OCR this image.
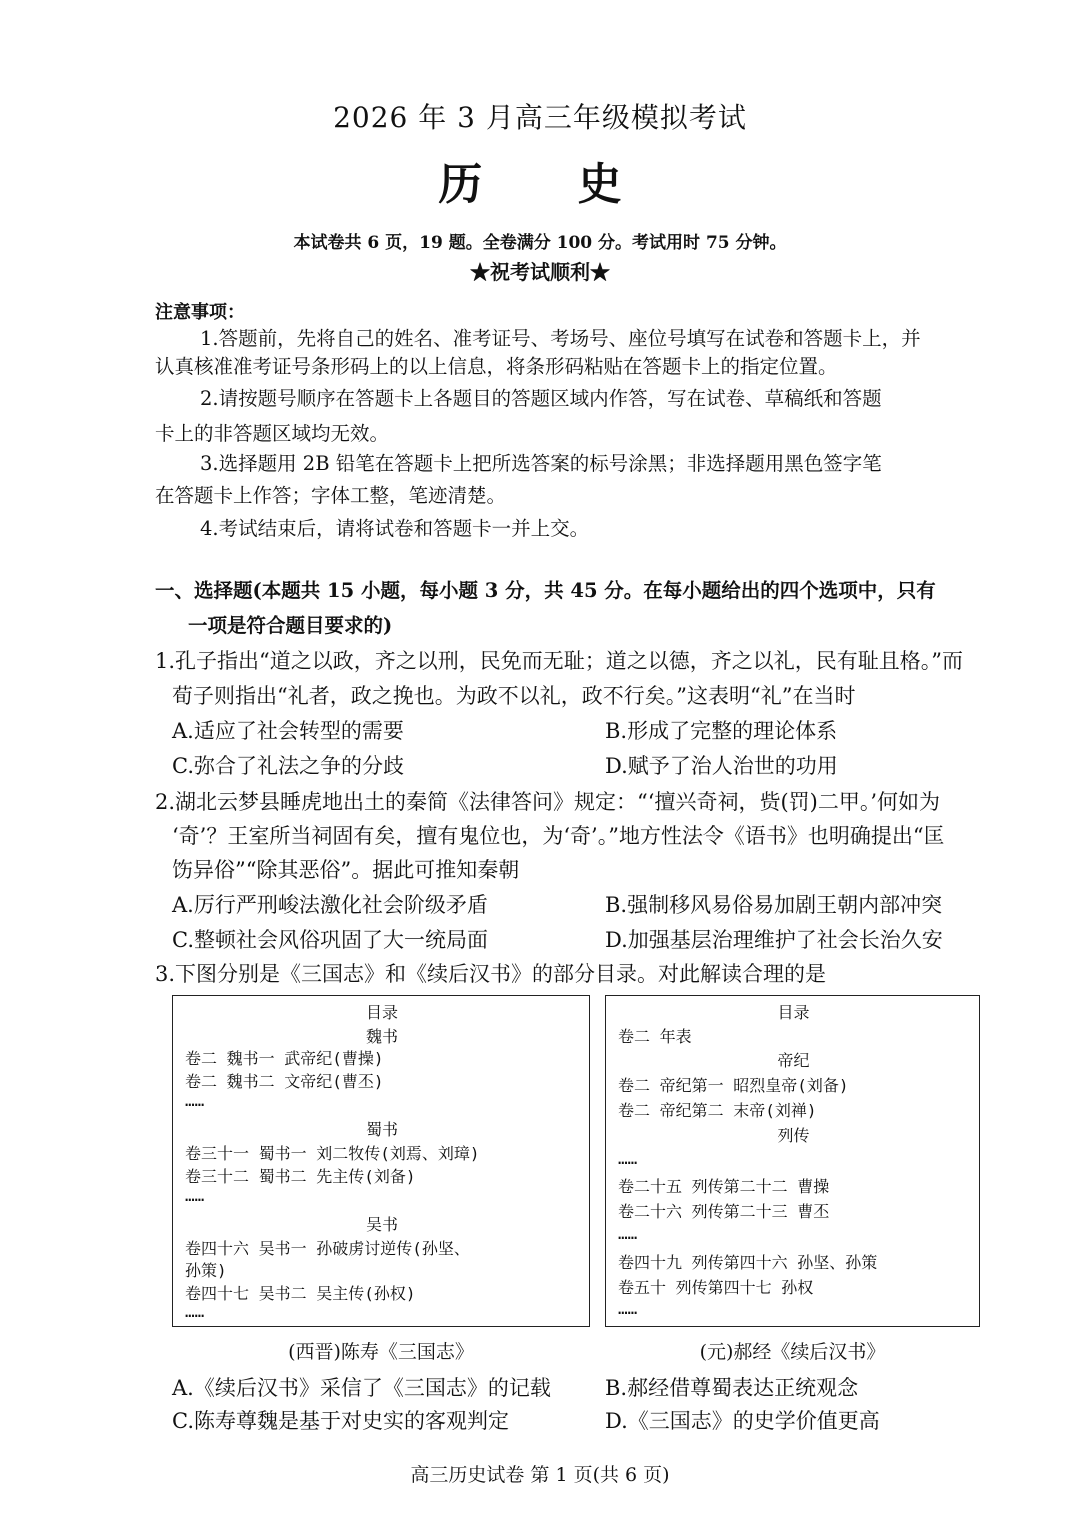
2026 年 3 月高三年级模拟考试
历 史
本试卷共 6 页，19 题。全卷满分 100 分。考试用时 75 分钟。
★祝考试顺利★
注意事项：
1.答题前，先将自己的姓名、准考证号、考场号、座位号填写在试卷和答题卡上，并
认真核准准考证号条形码上的以上信息，将条形码粘贴在答题卡上的指定位置。
2.请按题号顺序在答题卡上各题目的答题区域内作答，写在试卷、草稿纸和答题
卡上的非答题区域均无效。
3.选择题用 2B 铅笔在答题卡上把所选答案的标号涂黑；非选择题用黑色签字笔
在答题卡上作答；字体工整，笔迹清楚。
4.考试结束后，请将试卷和答题卡一并上交。
一、选择题(本题共 15 小题，每小题 3 分，共 45 分。在每小题给出的四个选项中，只有
一项是符合题目要求的)
1.孔子指出“道之以政，齐之以刑，民免而无耻；道之以德，齐之以礼，民有耻且格。”而
荀子则指出“礼者，政之挽也。为政不以礼，政不行矣。”这表明“礼”在当时
A.适应了社会转型的需要	B.形成了完整的理论体系
C.弥合了礼法之争的分歧	D.赋予了治人治世的功用
2.湖北云梦县睡虎地出土的秦简《法律答问》规定：“‘擅兴奇祠，赀(罚)二甲。’何如为
‘奇’？王室所当祠固有矣，擅有鬼位也，为‘奇’。”地方性法令《语书》也明确提出“匡
饬异俗”“除其恶俗”。据此可推知秦朝
A.厉行严刑峻法激化社会阶级矛盾	B.强制移风易俗易加剧王朝内部冲突
C.整顿社会风俗巩固了大一统局面	D.加强基层治理维护了社会长治久安
3.下图分别是《三国志》和《续后汉书》的部分目录。对此解读合理的是
目录
魏书
卷二 魏书一 武帝纪(曹操)
卷二 魏书二 文帝纪(曹丕)
……
蜀书
卷三十一 蜀书一 刘二牧传(刘焉、刘璋)
卷三十二 蜀书二 先主传(刘备)
……
吴书
卷四十六 吴书一 孙破虏讨逆传(孙坚、
孙策)
卷四十七 吴书二 吴主传(孙权)
……
(西晋)陈寿《三国志》
目录
卷二 年表
帝纪
卷二 帝纪第一 昭烈皇帝(刘备)
卷二 帝纪第二 末帝(刘禅)
列传
……
卷二十五 列传第二十二 曹操
卷二十六 列传第二十三 曹丕
……
卷四十九 列传第四十六 孙坚、孙策
卷五十 列传第四十七 孙权
……
(元)郝经《续后汉书》
A.《续后汉书》采信了《三国志》的记载	B.郝经借尊蜀表达正统观念
C.陈寿尊魏是基于对史实的客观判定	D.《三国志》的史学价值更高
高三历史试卷 第 1 页(共 6 页)
